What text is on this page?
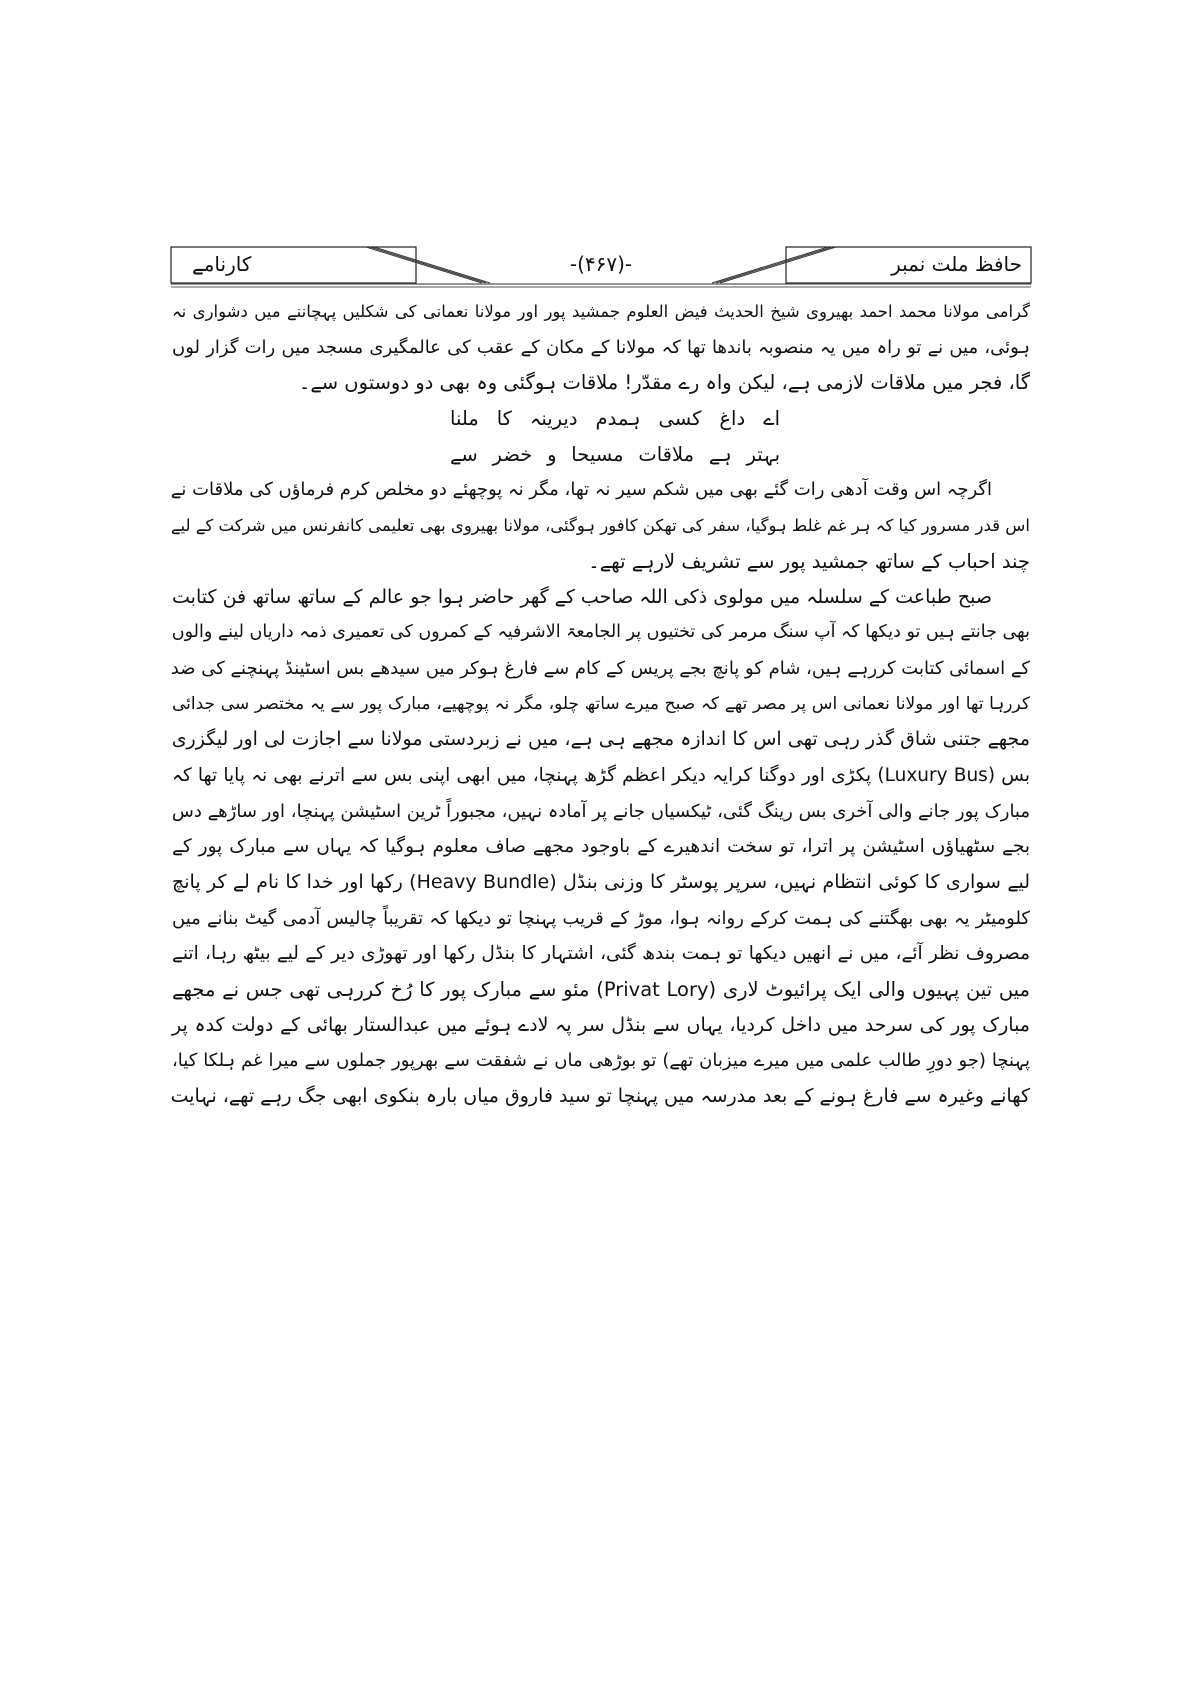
کارنامے	-(۴۶۷)-	حافظ ملت نمبر
گرامی مولانا محمد احمد بھیروی شیخ الحدیث فیض العلوم جمشید پور اور مولانا نعمانی کی شکلیں پہچاننے میں دشواری نہ
ہوئی، میں نے تو راہ میں یہ منصوبہ باندھا تھا کہ مولانا کے مکان کے عقب کی عالمگیری مسجد میں رات گزار لوں
گا، فجر میں ملاقات لازمی ہے، لیکن واہ رے مقدّر! ملاقات ہوگئی وہ بھی دو دوستوں سے۔
اے داغ کسی ہمدم دیرینہ کا ملنا
بہتر ہے ملاقات مسیحا و خضر سے
اگرچہ اس وقت آدھی رات گئے بھی میں شکم سیر نہ تھا، مگر نہ پوچھئے دو مخلص کرم فرماؤں کی ملاقات نے
اس قدر مسرور کیا کہ ہر غم غلط ہوگیا، سفر کی تھکن کافور ہوگئی، مولانا بھیروی بھی تعلیمی کانفرنس میں شرکت کے لیے
چند احباب کے ساتھ جمشید پور سے تشریف لارہے تھے۔
صبح طباعت کے سلسلہ میں مولوی ذکی اللہ صاحب کے گھر حاضر ہوا جو عالم کے ساتھ ساتھ فن کتابت
بھی جانتے ہیں تو دیکھا کہ آپ سنگ مرمر کی تختیوں پر الجامعۃ الاشرفیہ کے کمروں کی تعمیری ذمہ داریاں لینے والوں
کے اسمائی کتابت کررہے ہیں، شام کو پانچ بجے پریس کے کام سے فارغ ہوکر میں سیدھے بس اسٹینڈ پہنچنے کی ضد
کررہا تھا اور مولانا نعمانی اس پر مصر تھے کہ صبح میرے ساتھ چلو، مگر نہ پوچھیے، مبارک پور سے یہ مختصر سی جدائی
مجھے جتنی شاق گذر رہی تھی اس کا اندازہ مجھے ہی ہے، میں نے زبردستی مولانا سے اجازت لی اور لیگزری
بس (Luxury Bus) پکڑی اور دوگنا کرایہ دیکر اعظم گڑھ پہنچا، میں ابھی اپنی بس سے اترنے بھی نہ پایا تھا کہ
مبارک پور جانے والی آخری بس رینگ گئی، ٹیکسیاں جانے پر آمادہ نہیں، مجبوراً ٹرین اسٹیشن پہنچا، اور ساڑھے دس
بجے سٹھیاؤں اسٹیشن پر اترا، تو سخت اندھیرے کے باوجود مجھے صاف معلوم ہوگیا کہ یہاں سے مبارک پور کے
لیے سواری کا کوئی انتظام نہیں، سرپر پوسٹر کا وزنی بنڈل (Heavy Bundle) رکھا اور خدا کا نام لے کر پانچ
کلومیٹر یہ بھی بھگتنے کی ہمت کرکے روانہ ہوا، موڑ کے قریب پہنچا تو دیکھا کہ تقریباً چالیس آدمی گیٹ بنانے میں
مصروف نظر آئے، میں نے انھیں دیکھا تو ہمت بندھ گئی، اشتہار کا بنڈل رکھا اور تھوڑی دیر کے لیے بیٹھ رہا، اتنے
میں تین پہیوں والی ایک پرائیوٹ لاری (Privat Lory) مئو سے مبارک پور کا رُخ کررہی تھی جس نے مجھے
مبارک پور کی سرحد میں داخل کردیا، یہاں سے بنڈل سر پہ لادے ہوئے میں عبدالستار بھائی کے دولت کدہ پر
پہنچا (جو دورِ طالب علمی میں میرے میزبان تھے) تو بوڑھی ماں نے شفقت سے بھرپور جملوں سے میرا غم ہلکا کیا،
کھانے وغیرہ سے فارغ ہونے کے بعد مدرسہ میں پہنچا تو سید فاروق میاں بارہ بنکوی ابھی جگ رہے تھے، نہایت
